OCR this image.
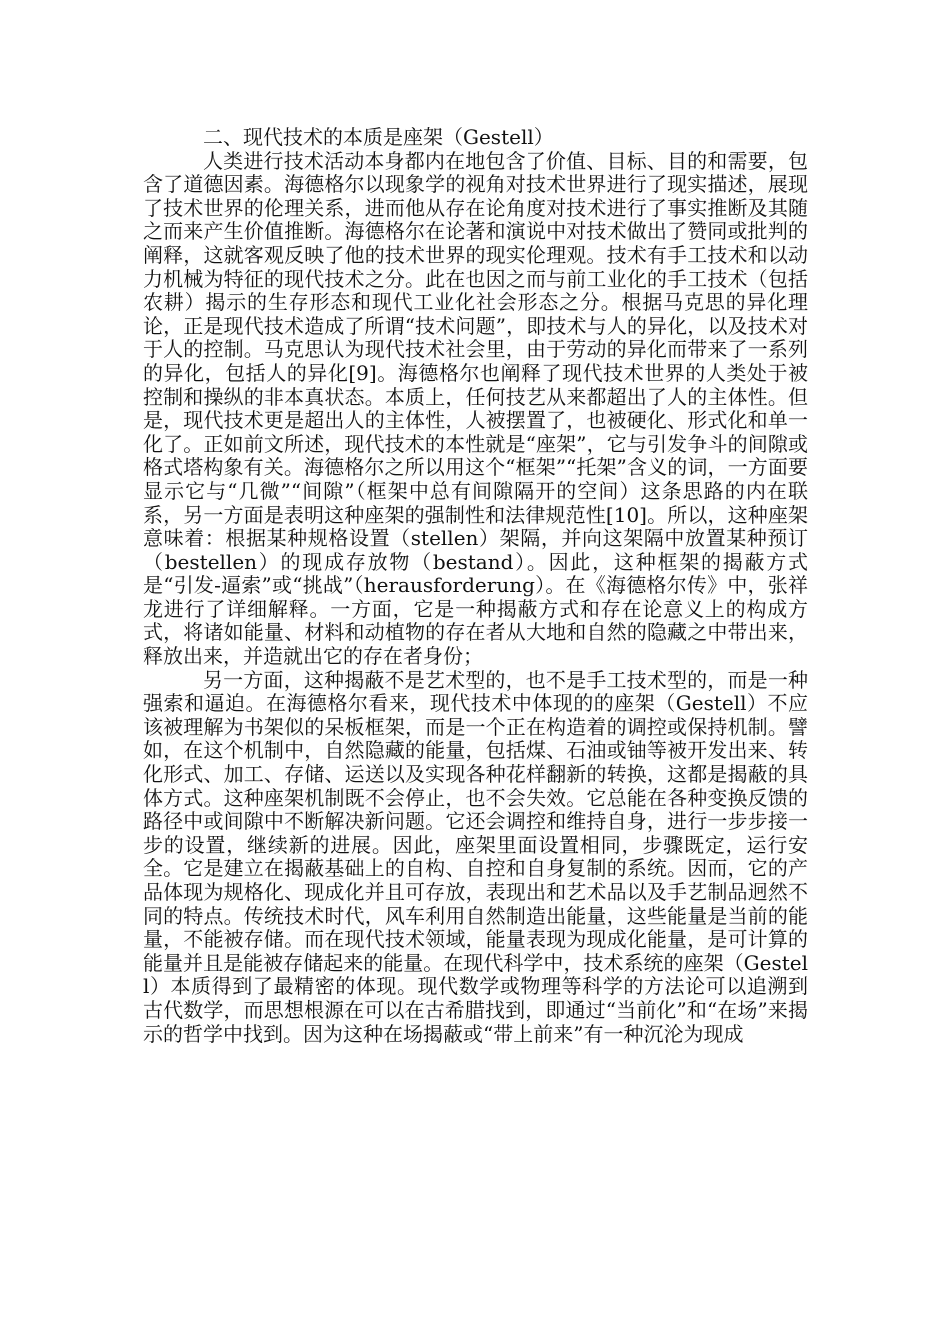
二、现代技术的本质是座架（Gestell）

人类进行技术活动本身都内在地包含了价值、目标、目的和需要，包含了道德因素。海德格尔以现象学的视角对技术世界进行了现实描述，展现了技术世界的伦理关系，进而他从存在论角度对技术进行了事实推断及其随之而来产生价值推断。海德格尔在论著和演说中对技术做出了赞同或批判的阐释，这就客观反映了他的技术世界的现实伦理观。技术有手工技术和以动力机械为特征的现代技术之分。此在也因之而与前工业化的手工技术（包括农耕）揭示的生存形态和现代工业化社会形态之分。根据马克思的异化理论，正是现代技术造成了所谓“技术问题”，即技术与人的异化，以及技术对于人的控制。马克思认为现代技术社会里，由于劳动的异化而带来了一系列的异化，包括人的异化[9]。海德格尔也阐释了现代技术世界的人类处于被控制和操纵的非本真状态。本质上，任何技艺从来都超出了人的主体性。但是，现代技术更是超出人的主体性，人被摆置了，也被硬化、形式化和单一化了。正如前文所述，现代技术的本性就是“座架”，它与引发争斗的间隙或格式塔构象有关。海德格尔之所以用这个“框架”“托架”含义的词，一方面要显示它与“几微”“间隙”（框架中总有间隙隔开的空间）这条思路的内在联系，另一方面是表明这种座架的强制性和法律规范性[10]。所以，这种座架意味着：根据某种规格设置（stellen）架隔，并向这架隔中放置某种预订（bestellen）的现成存放物（bestand）。因此，这种框架的揭蔽方式是“引发-逼索”或“挑战”（herausforderung）。在《海德格尔传》中，张祥龙进行了详细解释。一方面，它是一种揭蔽方式和存在论意义上的构成方式，将诸如能量、材料和动植物的存在者从大地和自然的隐藏之中带出来，释放出来，并造就出它的存在者身份；

另一方面，这种揭蔽不是艺术型的，也不是手工技术型的，而是一种强索和逼迫。在海德格尔看来，现代技术中体现的的座架（Gestell）不应该被理解为书架似的呆板框架，而是一个正在构造着的调控或保持机制。譬如，在这个机制中，自然隐藏的能量，包括煤、石油或铀等被开发出来、转化形式、加工、存储、运送以及实现各种花样翻新的转换，这都是揭蔽的具体方式。这种座架机制既不会停止，也不会失效。它总能在各种变换反馈的路径中或间隙中不断解决新问题。它还会调控和维持自身，进行一步步接一步的设置，继续新的进展。因此，座架里面设置相同，步骤既定，运行安全。它是建立在揭蔽基础上的自构、自控和自身复制的系统。因而，它的产品体现为规格化、现成化并且可存放，表现出和艺术品以及手艺制品迥然不同的特点。传统技术时代，风车利用自然制造出能量，这些能量是当前的能量，不能被存储。而在现代技术领域，能量表现为现成化能量，是可计算的能量并且是能被存储起来的能量。在现代科学中，技术系统的座架（Gestell）本质得到了最精密的体现。现代数学或物理等科学的方法论可以追溯到古代数学，而思想根源在可以在古希腊找到，即通过“当前化”和“在场”来揭示的哲学中找到。因为这种在场揭蔽或“带上前来”有一种沉沦为现成
